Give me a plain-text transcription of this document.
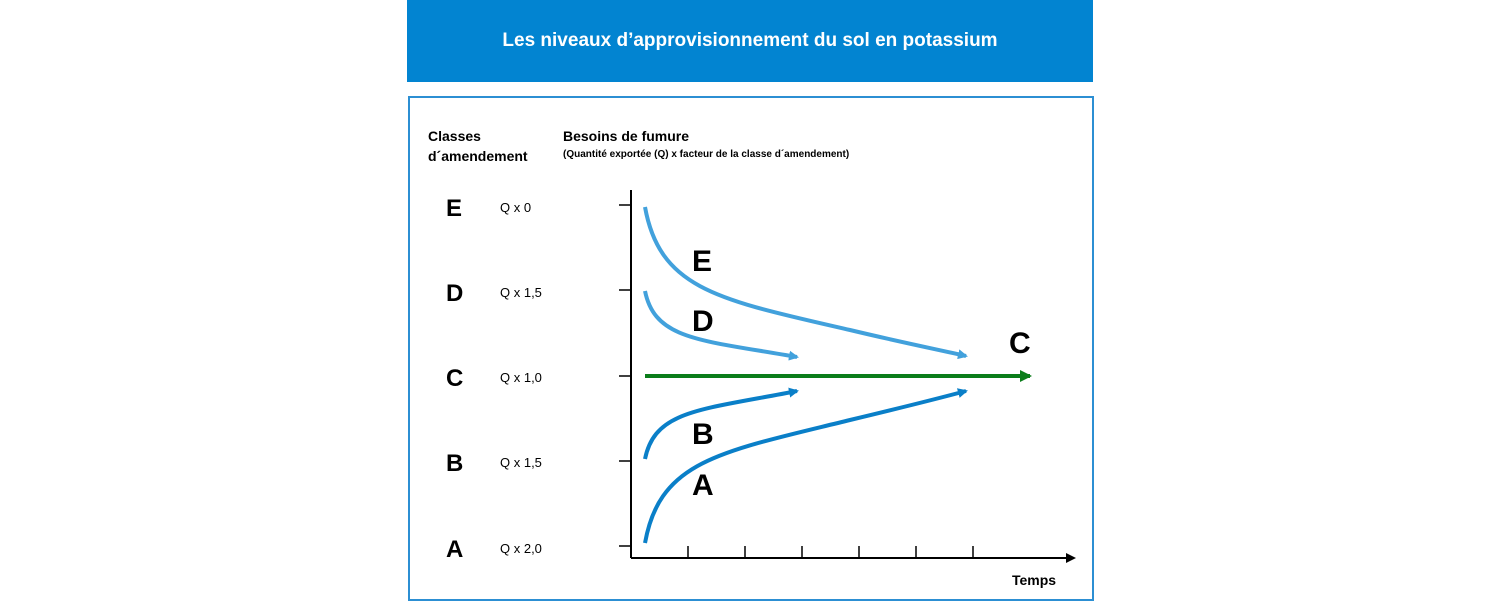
Les niveaux d’approvisionnement du sol en potassium
Classes
d´amendement
Besoins de fumure
(Quantité exportée (Q) x facteur de la classe d´amendement)
E	Q x 0
D	Q x 1,5
C	Q x 1,0
B	Q x 1,5
A	Q x 2,0
Temps
E
D
C
B
A
